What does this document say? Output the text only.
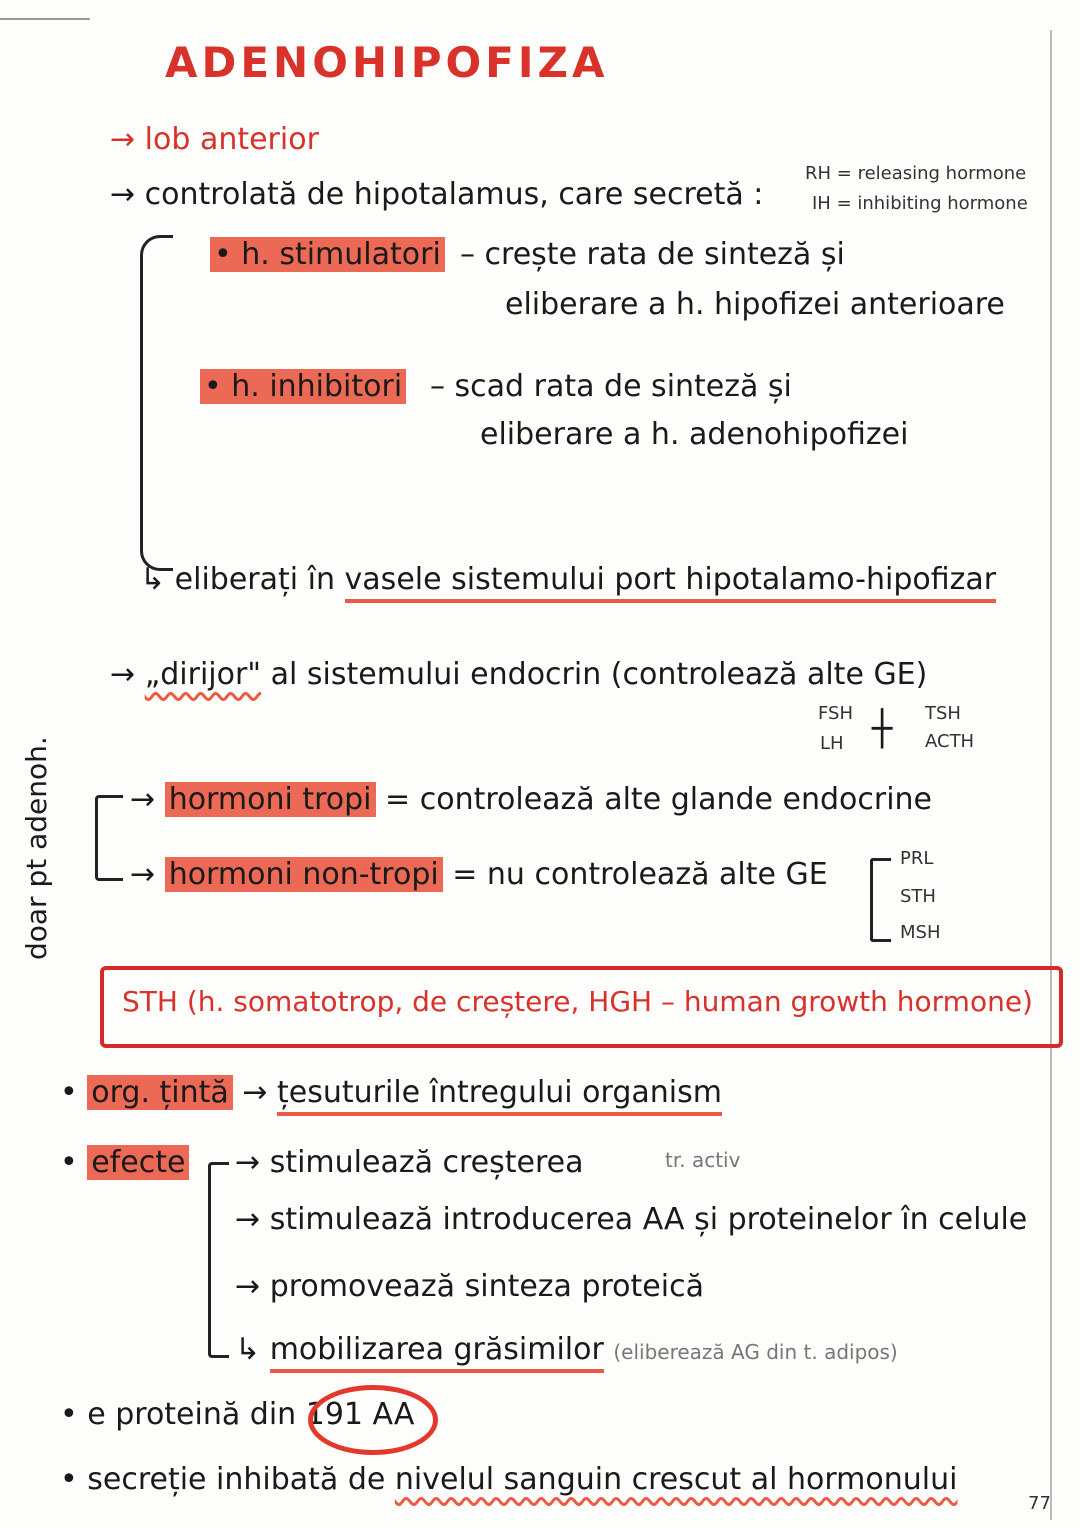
ADENOHIPOFIZA
→ lob anterior
→ controlată de hipotalamus, care secretă :
RH = releasing hormone
IH = inhibiting hormone
• h. stimulatori – crește rata de sinteză și
eliberare a h. hipofizei anterioare
• h. inhibitori – scad rata de sinteză și
eliberare a h. adenohipofizei
↳ eliberați în vasele sistemului port hipotalamo-hipofizar
→ „dirijor" al sistemului endocrin (controlează alte GE)
FSH
LH ┼ TSH
ACTH
doar pt adenoh.	→ hormoni tropi = controlează alte glande endocrine
→ hormoni non-tropi = nu controlează alte GE	PRL
STH
MSH
STH (h. somatotrop, de creștere, HGH – human growth hormone)
• org. țintă → țesuturile întregului organism
• efecte → stimulează creșterea	tr. activ
→ stimulează introducerea AA și proteinelor în celule
→ promovează sinteza proteică
↳ mobilizarea grăsimilor (eliberează AG din t. adipos)
• e proteină din 191 AA
• secreție inhibată de nivelul sanguin crescut al hormonului
77
